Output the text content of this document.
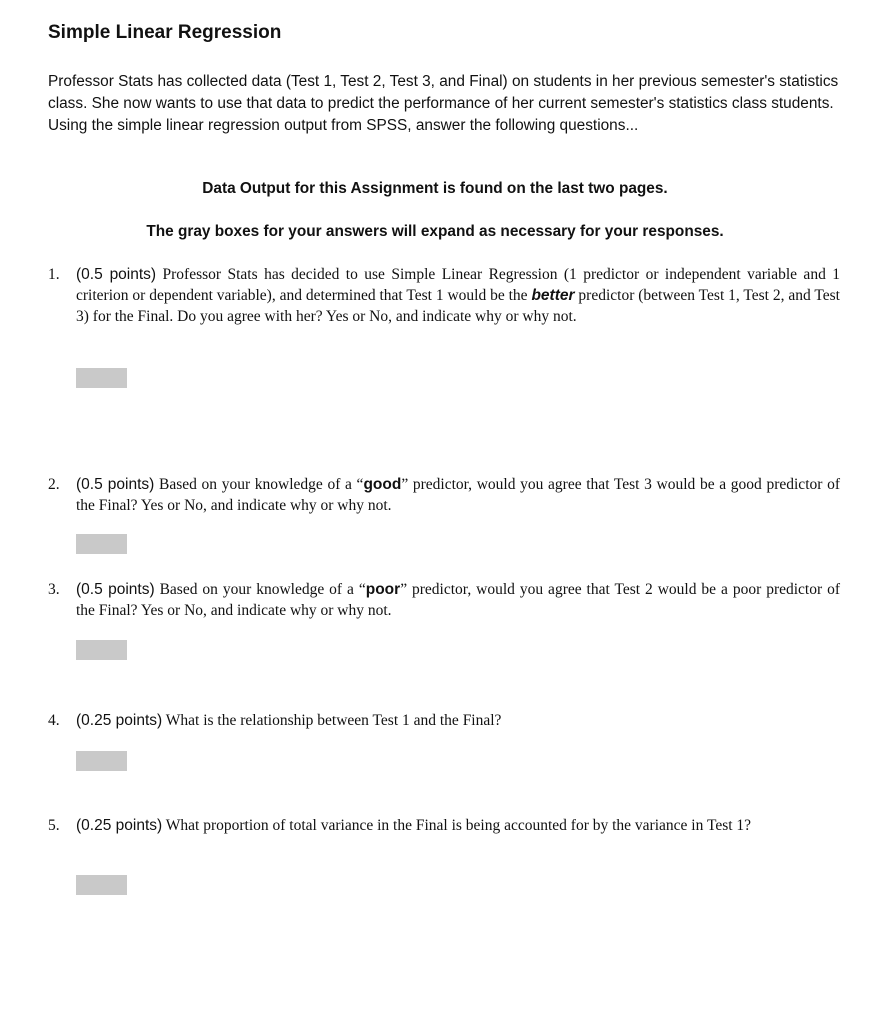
Simple Linear Regression

Professor Stats has collected data (Test 1, Test 2, Test 3, and Final) on students in her previous semester's statistics class. She now wants to use that data to predict the performance of her current semester's statistics class students. Using the simple linear regression output from SPSS, answer the following questions...

Data Output for this Assignment is found on the last two pages.

The gray boxes for your answers will expand as necessary for your responses.

1. (0.5 points) Professor Stats has decided to use Simple Linear Regression (1 predictor or independent variable and 1 criterion or dependent variable), and determined that Test 1 would be the better predictor (between Test 1, Test 2, and Test 3) for the Final. Do you agree with her? Yes or No, and indicate why or why not.
2. (0.5 points) Based on your knowledge of a “good” predictor, would you agree that Test 3 would be a good predictor of the Final? Yes or No, and indicate why or why not.
3. (0.5 points) Based on your knowledge of a “poor” predictor, would you agree that Test 2 would be a poor predictor of the Final? Yes or No, and indicate why or why not.
4. (0.25 points) What is the relationship between Test 1 and the Final?
5. (0.25 points) What proportion of total variance in the Final is being accounted for by the variance in Test 1?
